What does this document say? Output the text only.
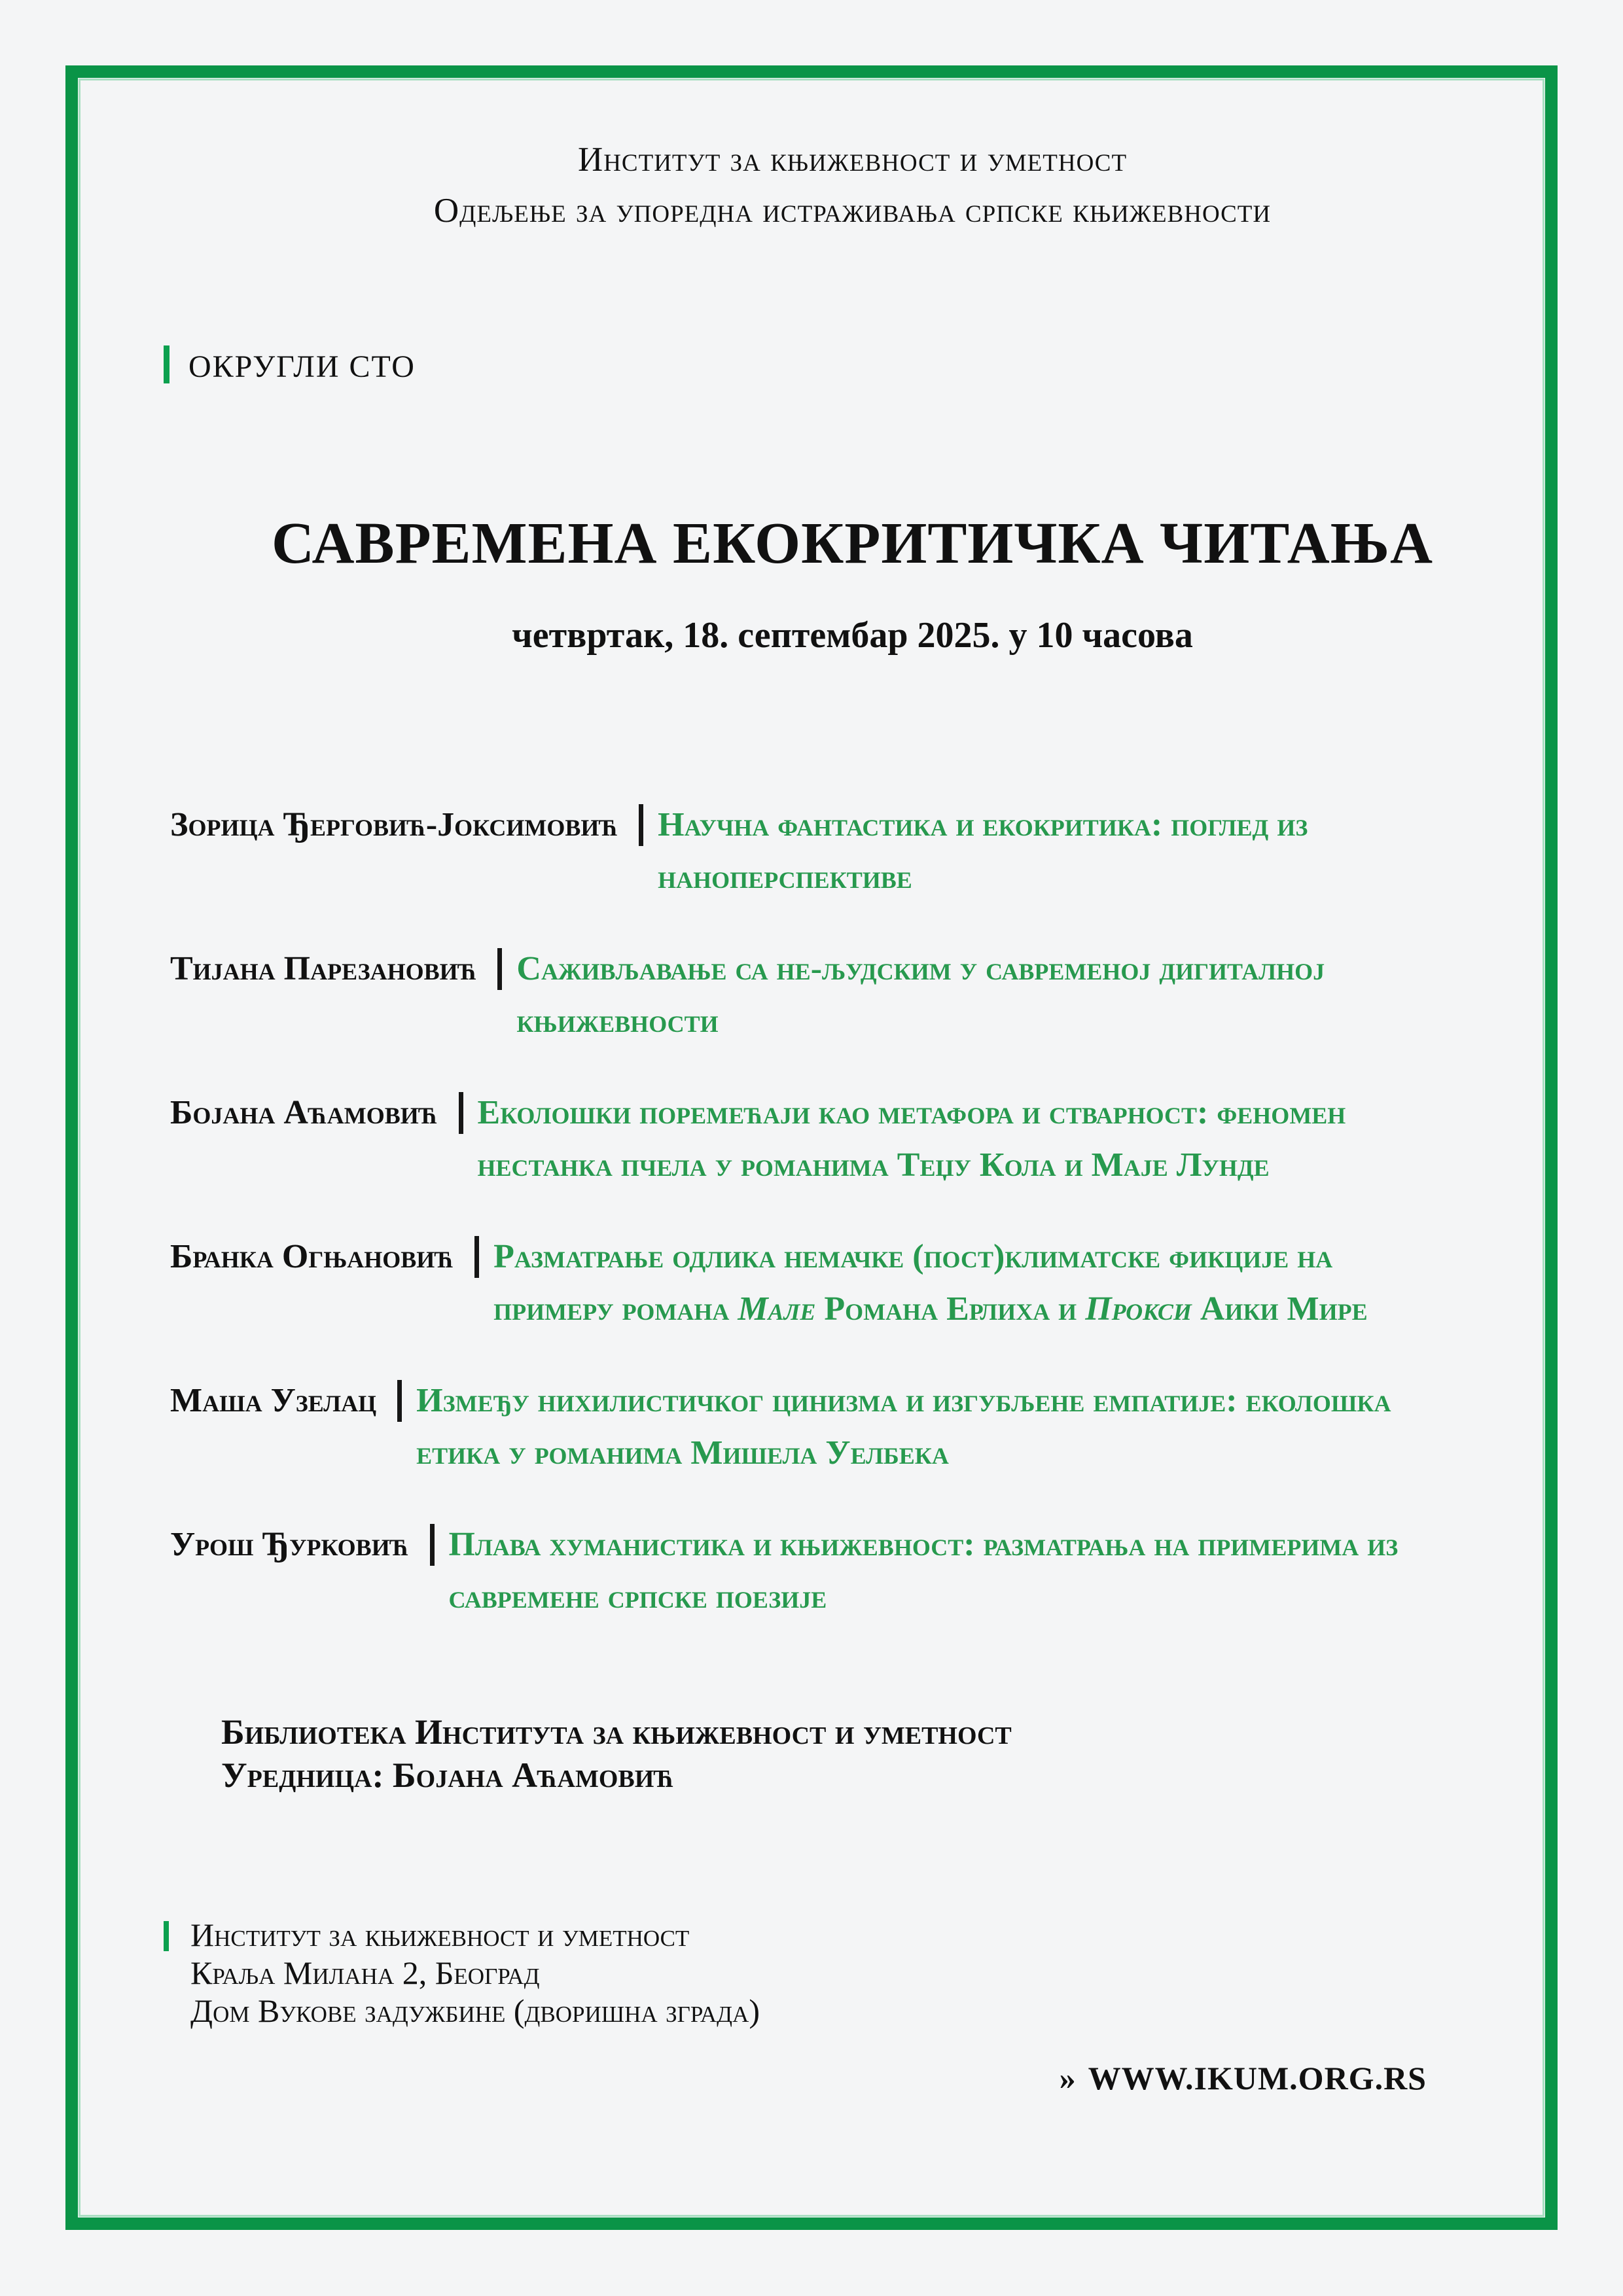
Институт за књижевност и уметност
Одељење за упоредна истраживања српске књижевности
ОКРУГЛИ СТО
САВРЕМЕНА ЕКОКРИТИЧКА ЧИТАЊА
четвртак, 18. септембар 2025. у 10 часова
Зорица Ђерговић-Јоксимовић Научна фантастика и екокритика: поглед из наноперспективе
Тијана Парезановић Саживљавање са не-људским у савременој дигиталној књижевности
Бојана Аћамовић Еколошки поремећаји као метафора и стварност: феномен нестанка пчела у романима Теџу Кола и Маје Лунде
Бранка Огњановић Разматрање одлика немачке (пост)климатске фикције на примеру романа Мале Романа Ерлиха и Прокси Аики Мире
Маша Узелац Између нихилистичког цинизма и изгубљене емпатије: еколошка етика у романима Мишела Уелбека
Урош Ђурковић Плава хуманистика и књижевност: разматрања на примерима из савремене српске поезије
Библиотека Института за књижевност и уметност
Уредница: Бојана Аћамовић
Институт за књижевност и уметност
Краља Милана 2, Београд
Дом Вукове задужбине (дворишна зграда)
» WWW.IKUM.ORG.RS
